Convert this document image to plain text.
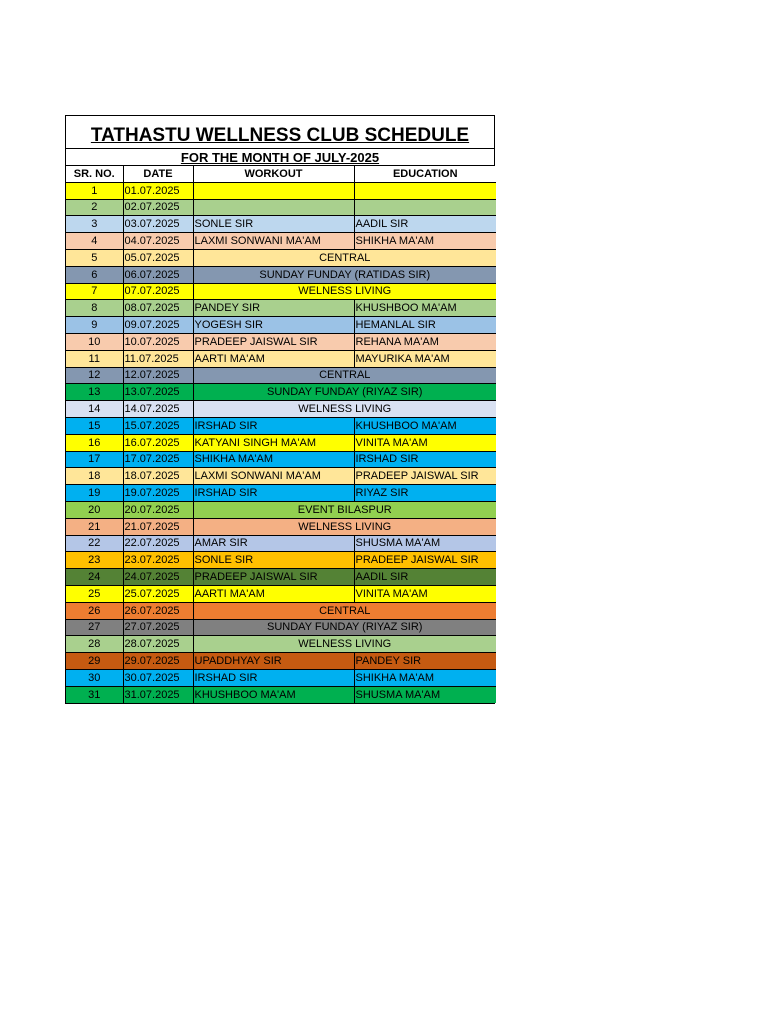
TATHASTU WELLNESS CLUB SCHEDULE
FOR THE MONTH OF JULY-2025
SR. NO.	DATE	WORKOUT	EDUCATION
1	01.07.2025		
2	02.07.2025		
3	03.07.2025	SONLE SIR	AADIL SIR
4	04.07.2025	LAXMI SONWANI MA'AM	SHIKHA MA'AM
5	05.07.2025	CENTRAL	
6	06.07.2025	SUNDAY FUNDAY (RATIDAS SIR)	
7	07.07.2025	WELNESS LIVING	
8	08.07.2025	PANDEY SIR	KHUSHBOO MA'AM
9	09.07.2025	YOGESH SIR	HEMANLAL SIR
10	10.07.2025	PRADEEP JAISWAL SIR	REHANA MA'AM
11	11.07.2025	AARTI MA'AM	MAYURIKA MA'AM
12	12.07.2025	CENTRAL	
13	13.07.2025	SUNDAY FUNDAY (RIYAZ SIR)	
14	14.07.2025	WELNESS LIVING	
15	15.07.2025	IRSHAD SIR	KHUSHBOO MA'AM
16	16.07.2025	KATYANI SINGH MA'AM	VINITA MA'AM
17	17.07.2025	SHIKHA MA'AM	IRSHAD SIR
18	18.07.2025	LAXMI SONWANI MA'AM	PRADEEP JAISWAL SIR
19	19.07.2025	IRSHAD SIR	RIYAZ SIR
20	20.07.2025	EVENT BILASPUR	
21	21.07.2025	WELNESS LIVING	
22	22.07.2025	AMAR SIR	SHUSMA MA'AM
23	23.07.2025	SONLE SIR	PRADEEP JAISWAL SIR
24	24.07.2025	PRADEEP JAISWAL SIR	AADIL SIR
25	25.07.2025	AARTI MA'AM	VINITA MA'AM
26	26.07.2025	CENTRAL	
27	27.07.2025	SUNDAY FUNDAY (RIYAZ SIR)	
28	28.07.2025	WELNESS LIVING	
29	29.07.2025	UPADDHYAY SIR	PANDEY SIR
30	30.07.2025	IRSHAD SIR	SHIKHA MA'AM
31	31.07.2025	KHUSHBOO MA'AM	SHUSMA MA'AM
